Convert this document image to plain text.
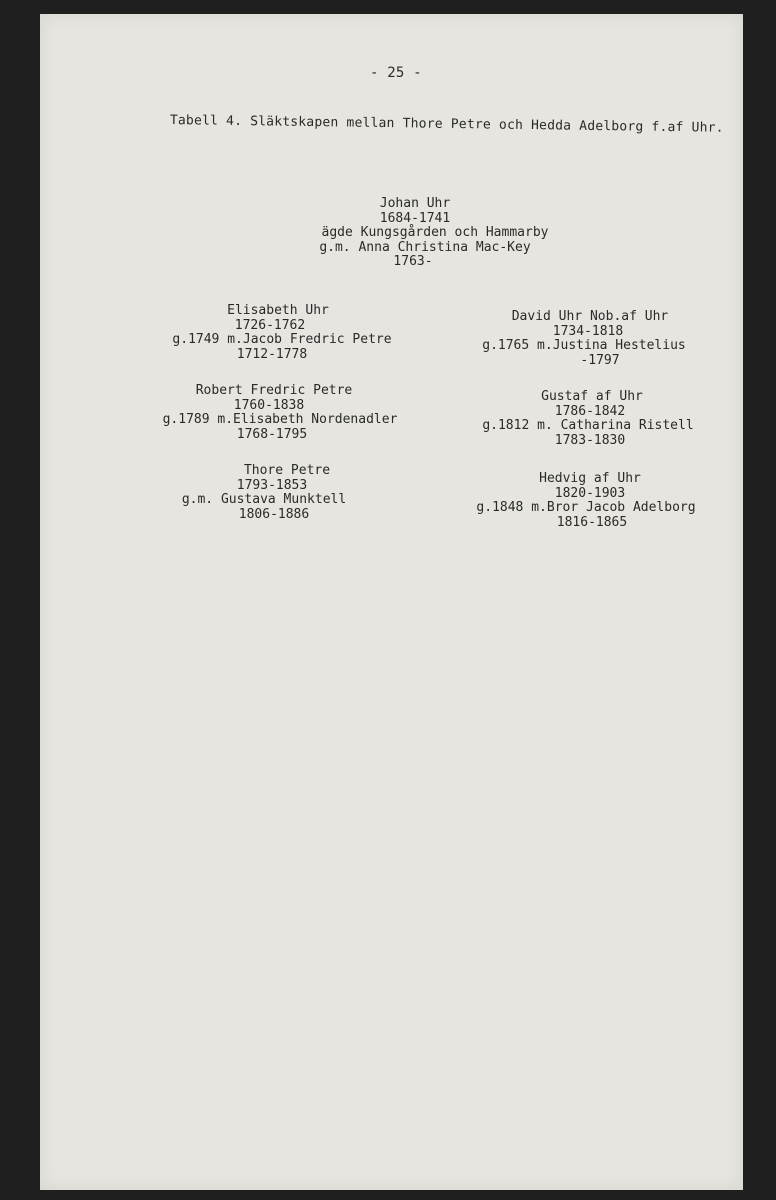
- 25 -
Tabell 4. Släktskapen mellan Thore Petre och Hedda Adelborg f.af Uhr.
Johan Uhr
1684-1741
ägde Kungsgården och Hammarby
g.m. Anna Christina Mac-Key
1763-
Elisabeth Uhr
1726-1762
g.1749 m.Jacob Fredric Petre
1712-1778
Robert Fredric Petre
1760-1838
g.1789 m.Elisabeth Nordenadler
1768-1795
Thore Petre
1793-1853
g.m. Gustava Munktell
1806-1886
David Uhr Nob.af Uhr
1734-1818
g.1765 m.Justina Hestelius
-1797
Gustaf af Uhr
1786-1842
g.1812 m. Catharina Ristell
1783-1830
Hedvig af Uhr
1820-1903
g.1848 m.Bror Jacob Adelborg
1816-1865
